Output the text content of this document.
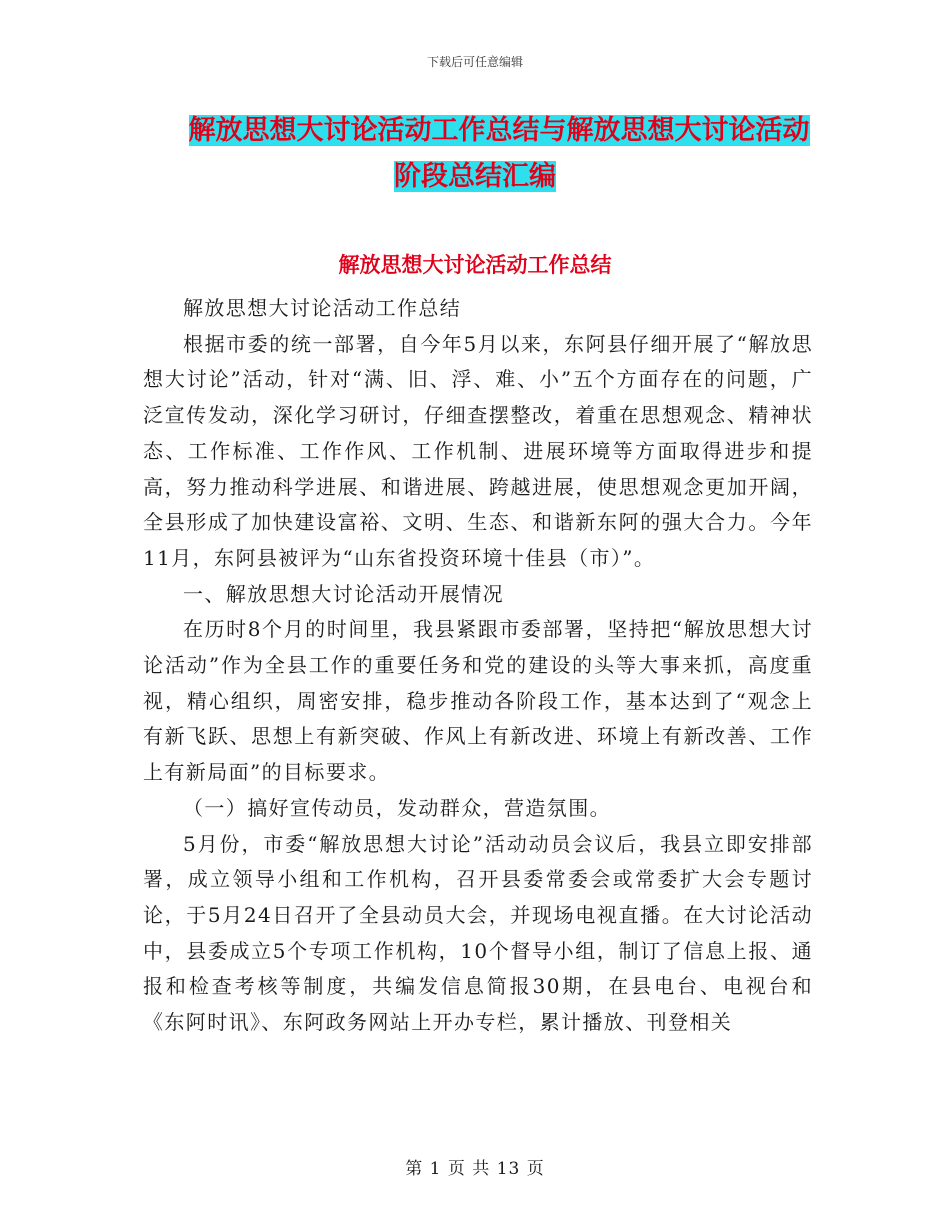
下载后可任意编辑
解放思想大讨论活动工作总结与解放思想大讨论活动
阶段总结汇编
解放思想大讨论活动工作总结

解放思想大讨论活动工作总结

根据市委的统一部署，自今年5月以来，东阿县仔细开展了“解放思想大讨论”活动，针对“满、旧、浮、难、小”五个方面存在的问题，广泛宣传发动，深化学习研讨，仔细查摆整改，着重在思想观念、精神状态、工作标准、工作作风、工作机制、进展环境等方面取得进步和提高，努力推动科学进展、和谐进展、跨越进展，使思想观念更加开阔，全县形成了加快建设富裕、文明、生态、和谐新东阿的强大合力。今年11月，东阿县被评为“山东省投资环境十佳县（市）”。

一、解放思想大讨论活动开展情况

在历时8个月的时间里，我县紧跟市委部署，坚持把“解放思想大讨论活动”作为全县工作的重要任务和党的建设的头等大事来抓，高度重视，精心组织，周密安排，稳步推动各阶段工作，基本达到了“观念上有新飞跃、思想上有新突破、作风上有新改进、环境上有新改善、工作上有新局面”的目标要求。

（一）搞好宣传动员，发动群众，营造氛围。

5月份，市委“解放思想大讨论”活动动员会议后，我县立即安排部署，成立领导小组和工作机构，召开县委常委会或常委扩大会专题讨论，于5月24日召开了全县动员大会，并现场电视直播。在大讨论活动中，县委成立5个专项工作机构，10个督导小组，制订了信息上报、通报和检查考核等制度，共编发信息简报30期，在县电台、电视台和《东阿时讯》、东阿政务网站上开办专栏，累计播放、刊登相关

第 1 页 共 13 页
